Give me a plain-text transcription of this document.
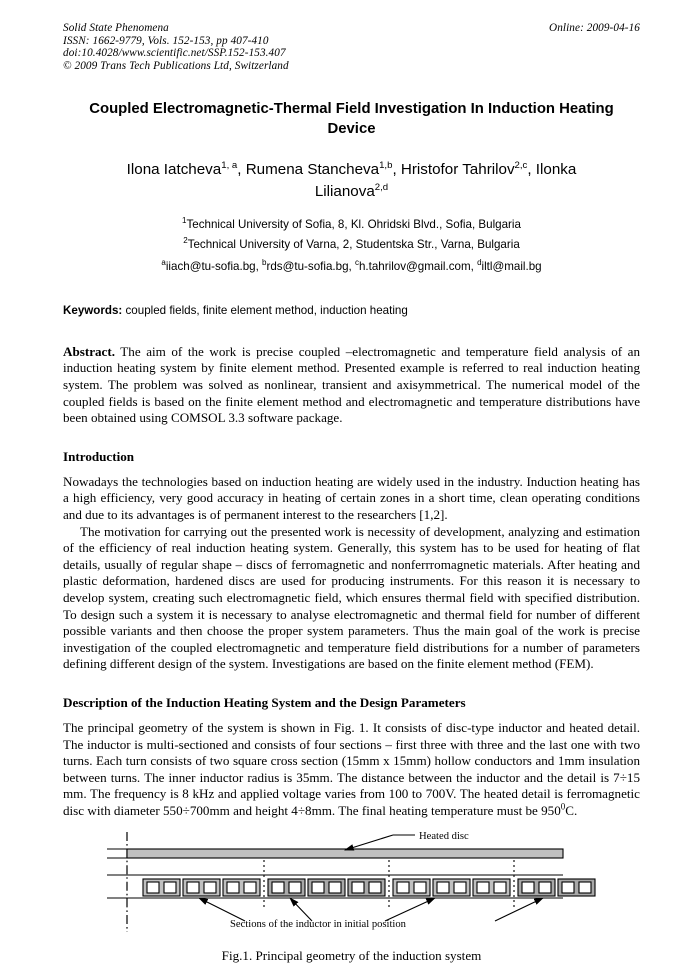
Online: 2009-04-16
Solid State Phenomena
ISSN: 1662-9779, Vols. 152-153, pp 407-410
doi:10.4028/www.scientific.net/SSP.152-153.407
© 2009 Trans Tech Publications Ltd, Switzerland
Coupled Electromagnetic-Thermal Field Investigation In Induction Heating Device
Ilona Iatcheva$^{1, a}$, Rumena Stancheva$^{1,b}$, Hristofor Tahrilov$^{2,c}$, Ilonka Lilianova$^{2,d}$
$^1$Technical University of Sofia, 8, Kl. Ohridski Blvd., Sofia, Bulgaria
$^2$Technical University of Varna, 2, Studentska Str., Varna, Bulgaria
$^a$iiach@tu-sofia.bg, $^b$rds@tu-sofia.bg, $^c$h.tahrilov@gmail.com, $^d$iltl@mail.bg
Keywords: coupled fields, finite element method, induction heating
Abstract. The aim of the work is precise coupled –electromagnetic and temperature field analysis of an induction heating system by finite element method. Presented example is referred to real induction heating system. The problem was solved as nonlinear, transient and axisymmetrical. The numerical model of the coupled fields is based on the finite element method and electromagnetic and temperature distributions have been obtained using COMSOL 3.3 software package.
Introduction
Nowadays the technologies based on induction heating are widely used in the industry. Induction heating has a high efficiency, very good accuracy in heating of certain zones in a short time, clean operating conditions and due to its advantages is of permanent interest to the researchers [1,2].
The motivation for carrying out the presented work is necessity of development, analyzing and estimation of the efficiency of real induction heating system. Generally, this system has to be used for heating of flat details, usually of regular shape – discs of ferromagnetic and nonferrromagnetic materials. After heating and plastic deformation, hardened discs are used for producing instruments. For this reason it is necessary to develop system, creating such electromagnetic field, which ensures thermal field with specified distribution. To design such a system it is necessary to analyse electromagnetic and thermal field for number of different possible variants and then choose the proper system parameters. Thus the main goal of the work is precise investigation of the coupled electromagnetic and temperature field distributions for a number of parameters defining different design of the system. Investigations are based on the finite element method (FEM).
Description of the Induction Heating System and the Design Parameters
The principal geometry of the system is shown in Fig. 1. It consists of disc-type inductor and heated detail. The inductor is multi-sectioned and consists of four sections – first three with three and the last one with two turns. Each turn consists of two square cross section (15mm x 15mm) hollow conductors and 1mm insulation between turns. The inner inductor radius is 35mm. The distance between the inductor and the detail is 7÷15 mm. The frequency is 8 kHz and applied voltage varies from 100 to 700V. The heated detail is ferromagnetic disc with diameter 550÷700mm and height 4÷8mm. The final heating temperature must be $950^0C$.
Sections of the inductor in initial position
Heated disc
Fig.1. Principal geometry of the induction system
